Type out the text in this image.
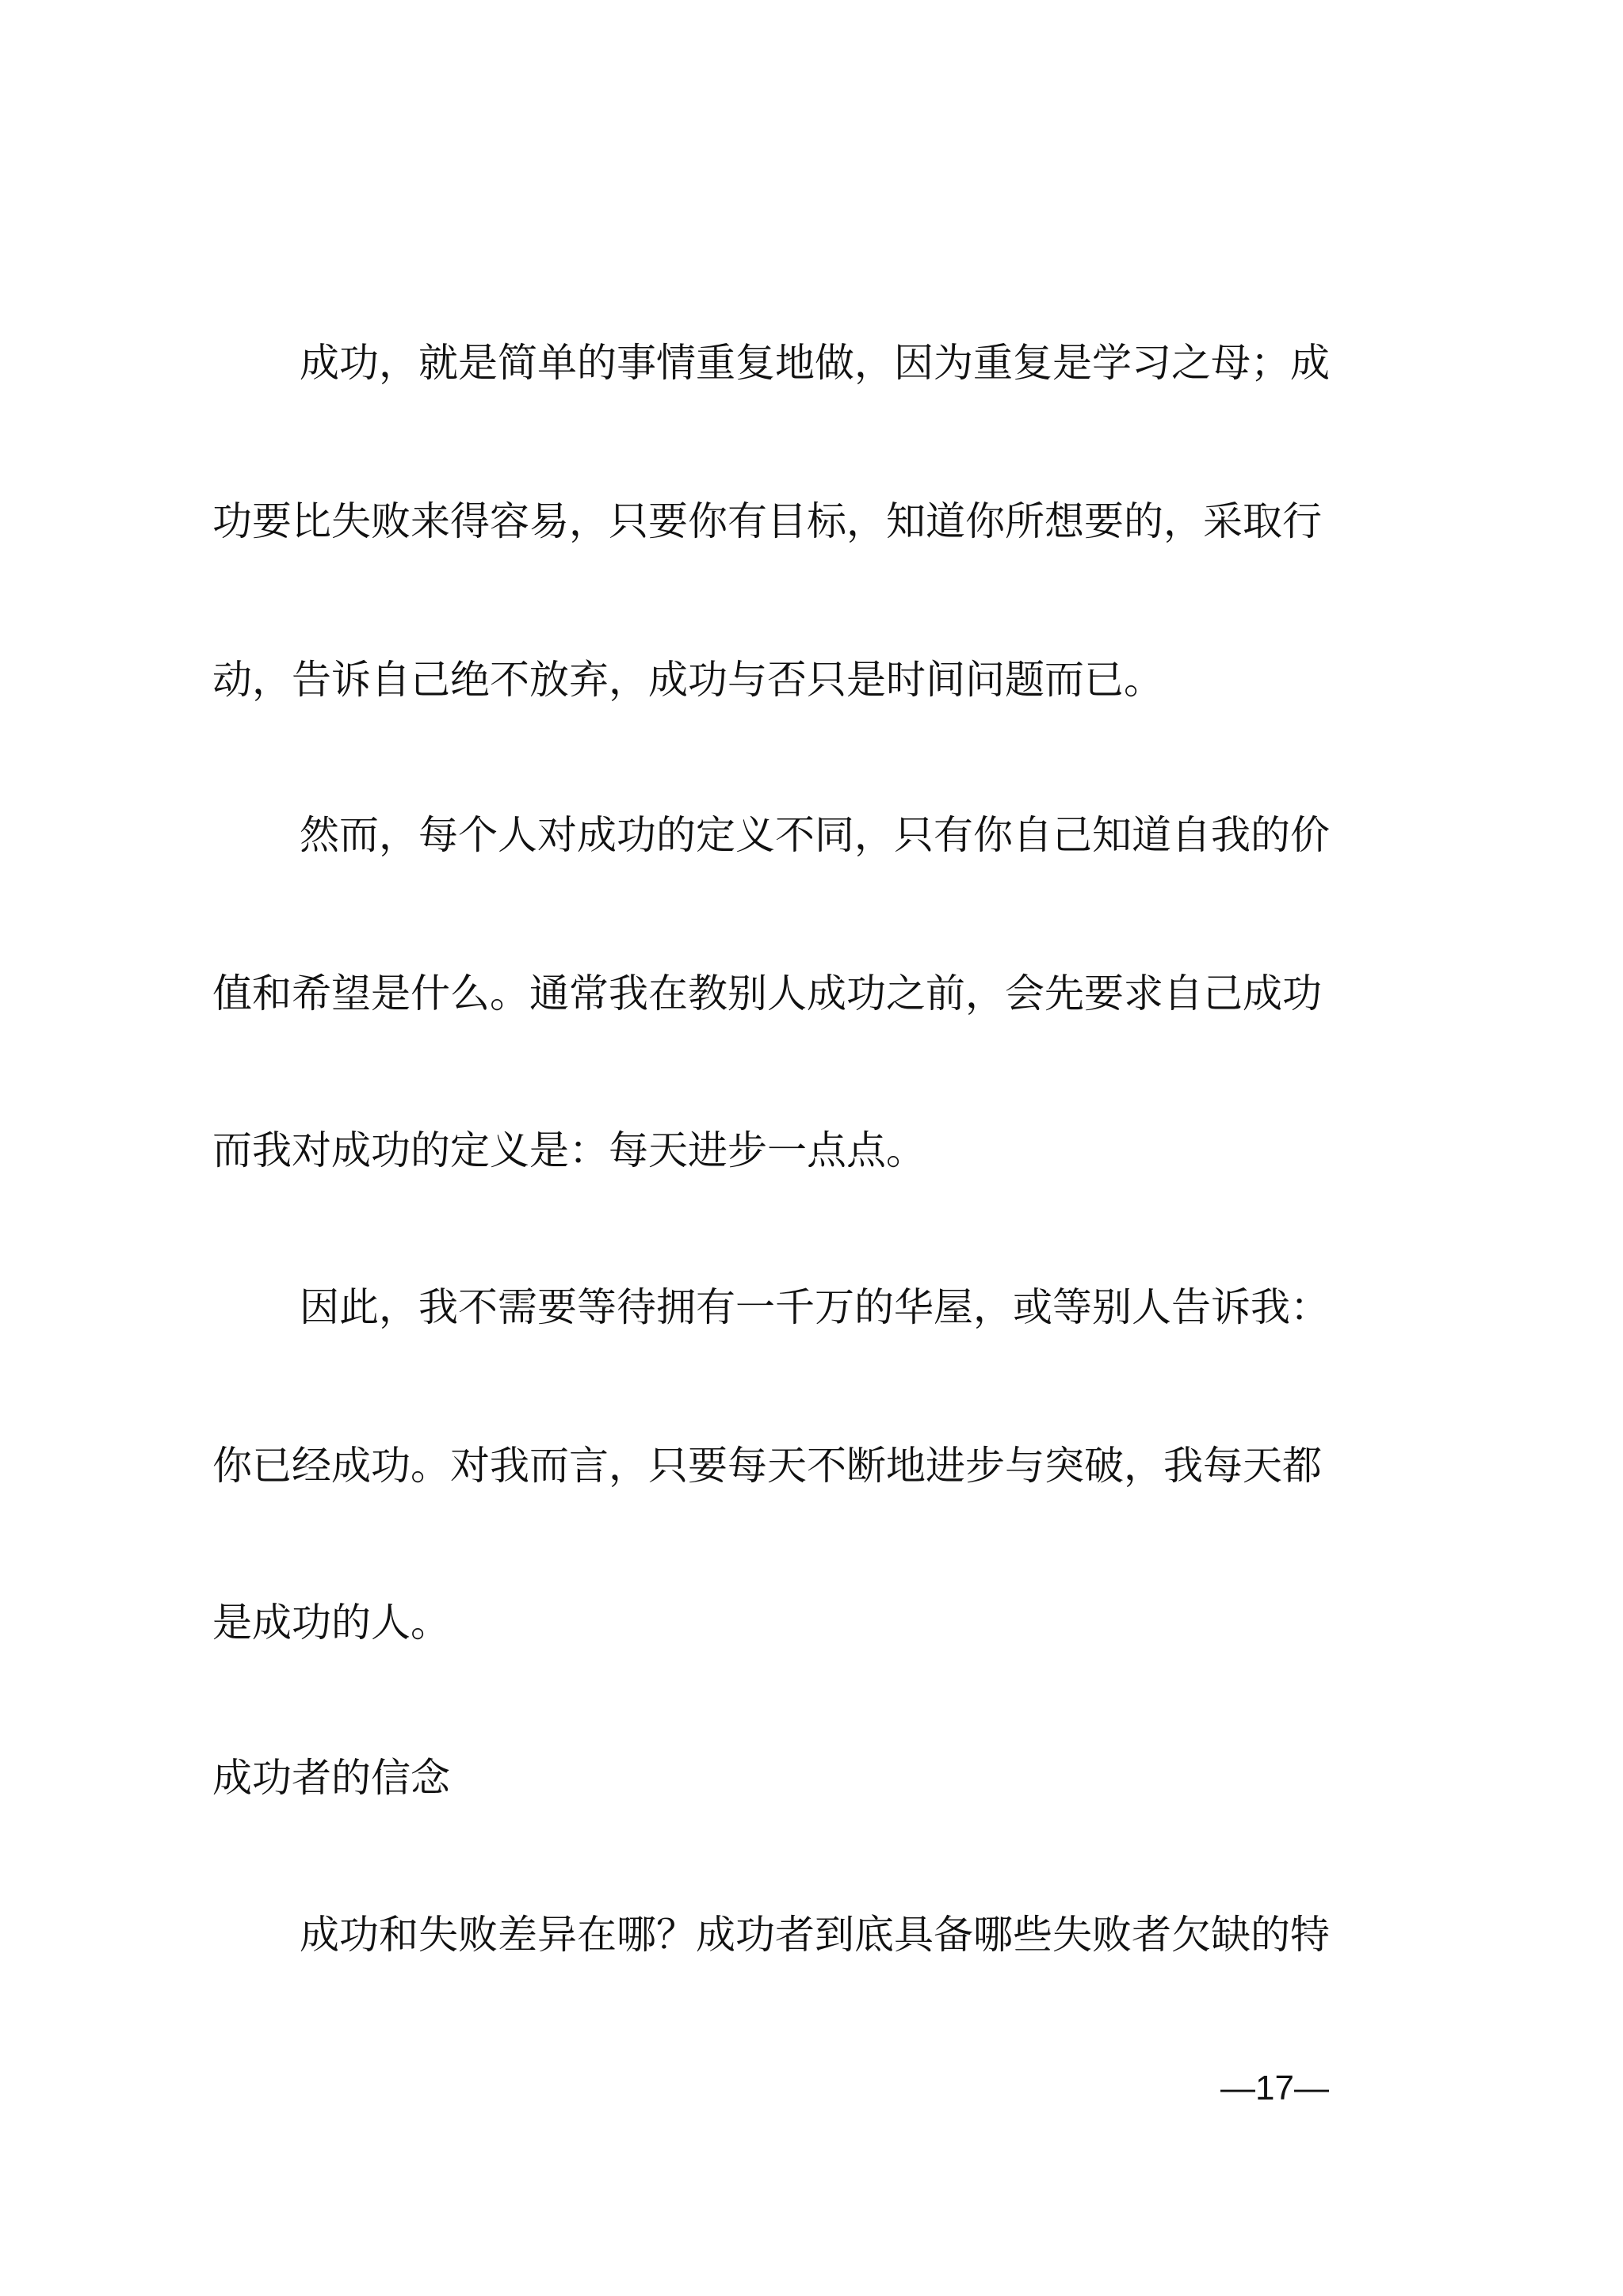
成功，就是简单的事情重复地做，因为重复是学习之母；成
功要比失败来得容易，只要你有目标，知道你所想要的，采取行
动，告诉自己绝不放弃，成功与否只是时间问题而已。
然而，每个人对成功的定义不同，只有你自己知道自我的价
值和希望是什么。通常我在教别人成功之前，会先要求自己成功
而我对成功的定义是：每天进步一点点。
因此，我不需要等待拥有一千万的华屋，或等别人告诉我：
你已经成功。对我而言，只要每天不断地进步与突破，我每天都
是成功的人。
成功者的信念
成功和失败差异在哪？成功者到底具备哪些失败者欠缺的特
—17—
